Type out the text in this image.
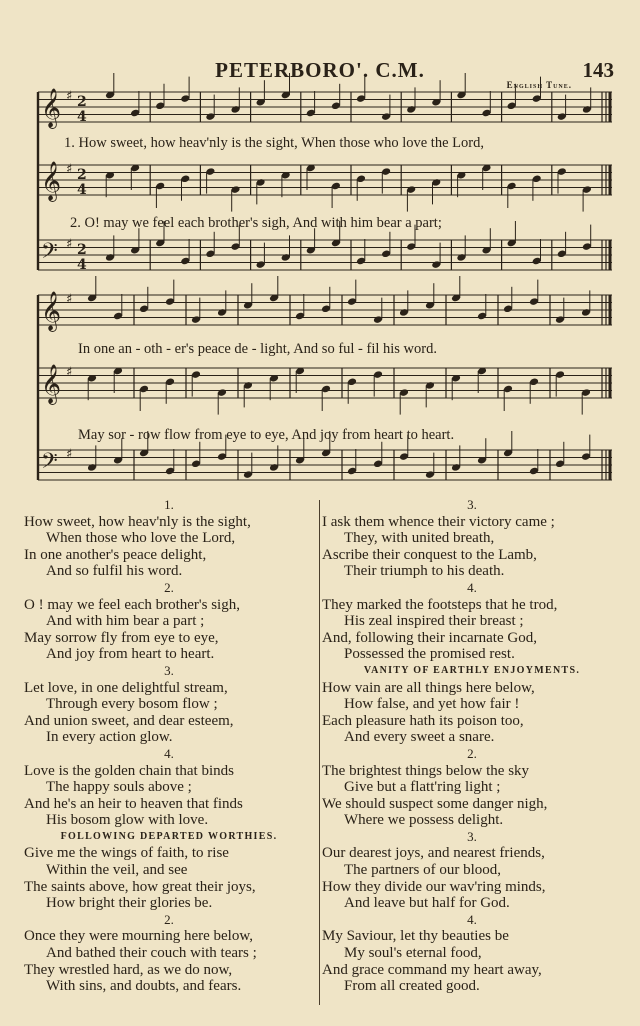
PETERBORO'. C.M.	143
English Tune.
𝄞 ♯ 2
4
𝄞 ♯ 2
4
𝄢 ♯ 2
4
𝄞 ♯
𝄞 ♯
𝄢 ♯
1. How sweet, how heav'nly is the sight, When those who love the Lord,
2. O! may we feel each brother's sigh, And with him bear a part;
In one an - oth - er's peace de - light, And so ful - fil his word.
May sor - row flow from eye to eye, And joy from heart to heart.
1.
How sweet, how heav'nly is the sight,
When those who love the Lord,
In one another's peace delight,
And so fulfil his word.
2.
O ! may we feel each brother's sigh,
And with him bear a part ;
May sorrow fly from eye to eye,
And joy from heart to heart.
3.
Let love, in one delightful stream,
Through every bosom flow ;
And union sweet, and dear esteem,
In every action glow.
4.
Love is the golden chain that binds
The happy souls above ;
And he's an heir to heaven that finds
His bosom glow with love.
FOLLOWING DEPARTED WORTHIES.
Give me the wings of faith, to rise
Within the veil, and see
The saints above, how great their joys,
How bright their glories be.
2.
Once they were mourning here below,
And bathed their couch with tears ;
They wrestled hard, as we do now,
With sins, and doubts, and fears.
3.
I ask them whence their victory came ;
They, with united breath,
Ascribe their conquest to the Lamb,
Their triumph to his death.
4.
They marked the footsteps that he trod,
His zeal inspired their breast ;
And, following their incarnate God,
Possessed the promised rest.
VANITY OF EARTHLY ENJOYMENTS.
How vain are all things here below,
How false, and yet how fair !
Each pleasure hath its poison too,
And every sweet a snare.
2.
The brightest things below the sky
Give but a flatt'ring light ;
We should suspect some danger nigh,
Where we possess delight.
3.
Our dearest joys, and nearest friends,
The partners of our blood,
How they divide our wav'ring minds,
And leave but half for God.
4.
My Saviour, let thy beauties be
My soul's eternal food,
And grace command my heart away,
From all created good.
